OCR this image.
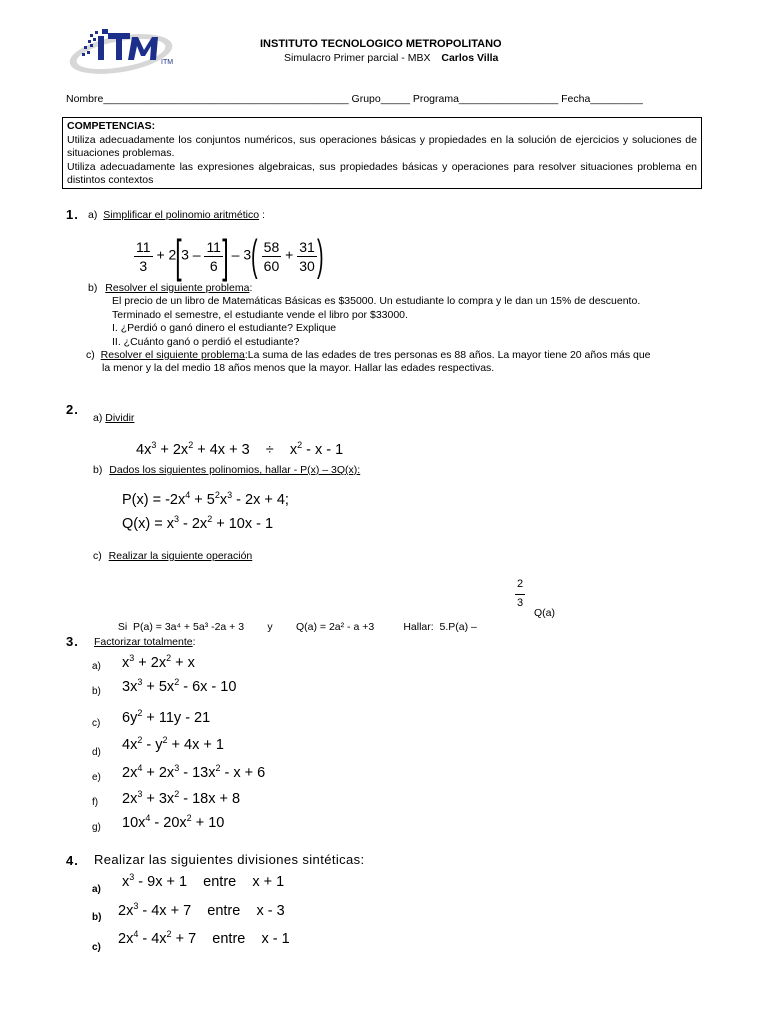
ITM
INSTITUTO TECNOLOGICO METROPOLITANO
Simulacro Primer parcial - MBX Carlos Villa
Nombre__________________________________________ Grupo_____ Programa_________________ Fecha_________
COMPETENCIAS:
Utiliza adecuadamente los conjuntos numéricos, sus operaciones básicas y propiedades en la solución de ejercicios y soluciones de situaciones problemas.
Utiliza adecuadamente las expresiones algebraicas, sus propiedades básicas y operaciones para resolver situaciones problema en distintos contextos
1. a) Simplificar el polinomio aritmético :
$\frac{11}{3} + 2[3 - \frac{11}{6}$ ] – $3( \frac{58}{60} + \frac{31}{30}$ )
b) Resolver el siguiente problema:
El precio de un libro de Matemáticas Básicas es $35000. Un estudiante lo compra y le dan un 15% de descuento.
Terminado el semestre, el estudiante vende el libro por $33000.
I. ¿Perdió o ganó dinero el estudiante? Explique
II. ¿Cuánto ganó o perdió el estudiante?
c) Resolver el siguiente problema:La suma de las edades de tres personas es 88 años. La mayor tiene 20 años más que
la menor y la del medio 18 años menos que la mayor. Hallar las edades respectivas.
2.
a) Dividir
$4x^3 + 2x^2 + 4x + 3$    ÷    $x^2$ - x - 1
b) Dados los siguientes polinomios, hallar - P(x) – 3Q(x):
$P(x) = -2x^4 + 5^2x^3 - 2x + 4$;
$Q(x) = x^3 - 2x^2 + 10x - 1$
c) Realizar la siguiente operación

Si  P(a) = 3a⁴ + 5a³ -2a + 3        y        Q(a) = 2a² - a +3          Hallar:  5.P(a) –

2
3
Q(a)
3. Factorizar totalmente:
a) $x^3 + 2x^2 + x$
b) $3x^3 + 5x^2 - 6x - 10$
c) $6y^2 + 11y - 21$
d) $4x^2 - y^2 + 4x + 1$
e) $2x^4 + 2x^3 - 13x^2 - x + 6$
f) $2x^3 + 3x^2 - 18x + 8$
g) $10x^4 - 20x^2 + 10$
4. Realizar las siguientes divisiones sintéticas:
a) $x^3 - 9x + 1$    entre x + 1
b) $2x^3 - 4x + 7$    entre x - 3
c)
$2x^4 - 4x^2 + 7$    entre x - 1
